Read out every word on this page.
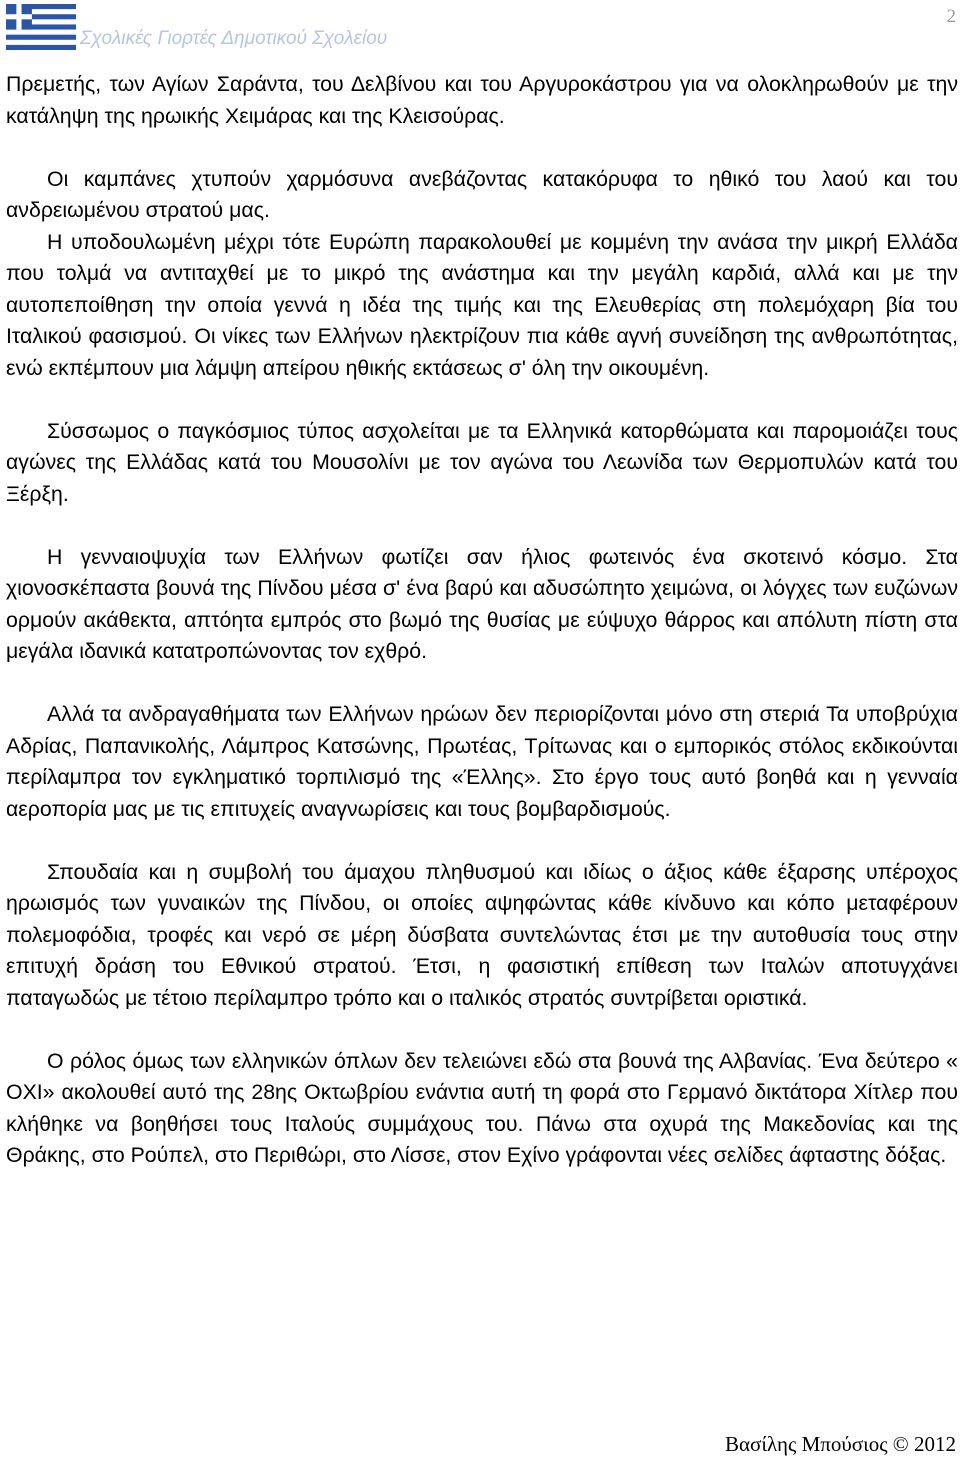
Σχολικές Γιορτές Δημοτικού Σχολείου
2

Πρεμετής, των Αγίων Σαράντα, του Δελβίνου και του Αργυροκάστρου για να ολοκληρωθούν με την κατάληψη της ηρωικής Χειμάρας και της Κλεισούρας.

Οι καμπάνες χτυπούν χαρμόσυνα ανεβάζοντας κατακόρυφα το ηθικό του λαού και του ανδρειωμένου στρατού μας.

Η υποδουλωμένη μέχρι τότε Ευρώπη παρακολουθεί με κομμένη την ανάσα την μικρή Ελλάδα που τολμά να αντιταχθεί με το μικρό της ανάστημα και την μεγάλη καρδιά, αλλά και με την αυτοπεποίθηση την οποία γεννά η ιδέα της τιμής και της Ελευθερίας στη πολεμόχαρη βία του Ιταλικού φασισμού. Οι νίκες των Ελλήνων ηλεκτρίζουν πια κάθε αγνή συνείδηση της ανθρωπότητας, ενώ εκπέμπουν μια λάμψη απείρου ηθικής εκτάσεως σ' όλη την οικουμένη.

Σύσσωμος ο παγκόσμιος τύπος ασχολείται με τα Ελληνικά κατορθώματα και παρομοιάζει τους αγώνες της Ελλάδας κατά του Μουσολίνι με τον αγώνα του Λεωνίδα των Θερμοπυλών κατά του Ξέρξη.

Η γενναιοψυχία των Ελλήνων φωτίζει σαν ήλιος φωτεινός ένα σκοτεινό κόσμο. Στα χιονοσκέπαστα βουνά της Πίνδου μέσα σ' ένα βαρύ και αδυσώπητο χειμώνα, οι λόγχες των ευζώνων ορμούν ακάθεκτα, απτόητα εμπρός στο βωμό της θυσίας με εύψυχο θάρρος και απόλυτη πίστη στα μεγάλα ιδανικά κατατροπώνοντας τον εχθρό.

Αλλά τα ανδραγαθήματα των Ελλήνων ηρώων δεν περιορίζονται μόνο στη στεριά Τα υποβρύχια Αδρίας, Παπανικολής, Λάμπρος Κατσώνης, Πρωτέας, Τρίτωνας και ο εμπορικός στόλος εκδικούνται περίλαμπρα τον εγκληματικό τορπιλισμό της «Έλλης». Στο έργο τους αυτό βοηθά και η γενναία αεροπορία μας με τις επιτυχείς αναγνωρίσεις και τους βομβαρδισμούς.

Σπουδαία και η συμβολή του άμαχου πληθυσμού και ιδίως ο άξιος κάθε έξαρσης υπέροχος ηρωισμός των γυναικών της Πίνδου, οι οποίες αψηφώντας κάθε κίνδυνο και κόπο μεταφέρουν πολεμοφόδια, τροφές και νερό σε μέρη δύσβατα συντελώντας έτσι με την αυτοθυσία τους στην επιτυχή δράση του Εθνικού στρατού. Έτσι, η φασιστική επίθεση των Ιταλών αποτυγχάνει παταγωδώς με τέτοιο περίλαμπρο τρόπο και ο ιταλικός στρατός συντρίβεται οριστικά.

Ο ρόλος όμως των ελληνικών όπλων δεν τελειώνει εδώ στα βουνά της Αλβανίας. Ένα δεύτερο « ΟΧΙ» ακολουθεί αυτό της 28ης Οκτωβρίου ενάντια αυτή τη φορά στο Γερμανό δικτάτορα Χίτλερ που κλήθηκε να βοηθήσει τους Ιταλούς συμμάχους του. Πάνω στα οχυρά της Μακεδονίας και της Θράκης, στο Ρούπελ, στο Περιθώρι, στο Λίσσε, στον Εχίνο γράφονται νέες σελίδες άφταστης δόξας.

Βασίλης Μπούσιος © 2012
